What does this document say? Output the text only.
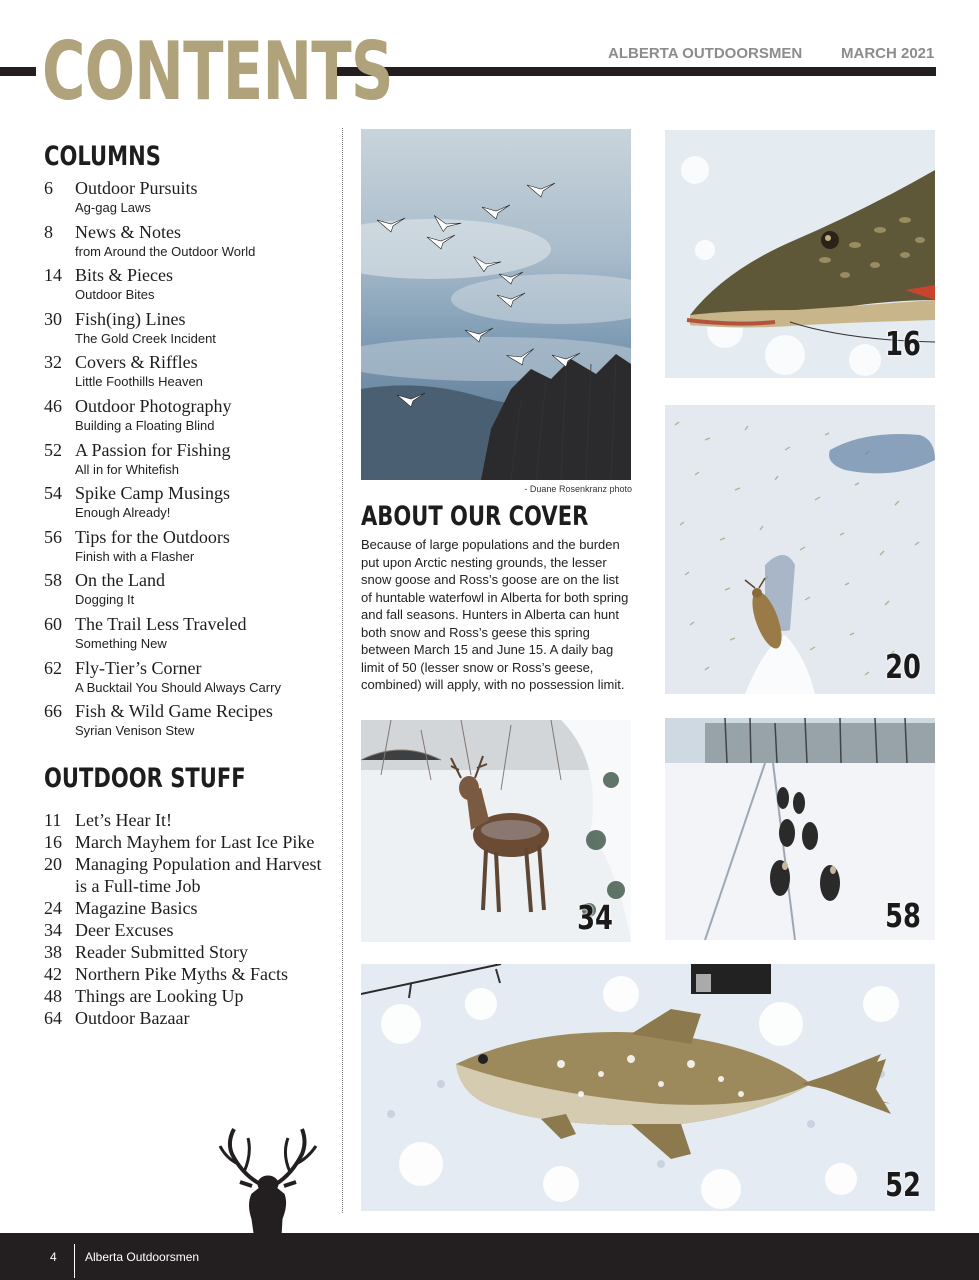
CONTENTS	ALBERTA OUTDOORSMEN	MARCH 2021
COLUMNS
6 Outdoor Pursuits
Ag-gag Laws
8 News & Notes
from Around the Outdoor World
14 Bits & Pieces
Outdoor Bites
30 Fish(ing) Lines
The Gold Creek Incident
32 Covers & Riffles
Little Foothills Heaven
46 Outdoor Photography
Building a Floating Blind
52 A Passion for Fishing
All in for Whitefish
54 Spike Camp Musings
Enough Already!
56 Tips for the Outdoors
Finish with a Flasher
58 On the Land
Dogging It
60 The Trail Less Traveled
Something New
62 Fly-Tier’s Corner
A Bucktail You Should Always Carry
66 Fish & Wild Game Recipes
Syrian Venison Stew
OUTDOOR STUFF
11 Let’s Hear It!
16 March Mayhem for Last Ice Pike
20 Managing Population and Harvest
is a Full-time Job
24 Magazine Basics
34 Deer Excuses
38 Reader Submitted Story
42 Northern Pike Myths & Facts
48 Things are Looking Up
64 Outdoor Bazaar
- Duane Rosenkranz photo
ABOUT OUR COVER
Because of large populations and the burden put upon Arctic nesting grounds, the lesser snow goose and Ross’s goose are on the list of huntable waterfowl in Alberta for both spring and fall seasons. Hunters in Alberta can hunt both snow and Ross’s geese this spring between March 15 and June 15. A daily bag limit of 50 (lesser snow or Ross’s geese, combined) will apply, with no possession limit.
16
20
34	58
52
4 Alberta Outdoorsmen
